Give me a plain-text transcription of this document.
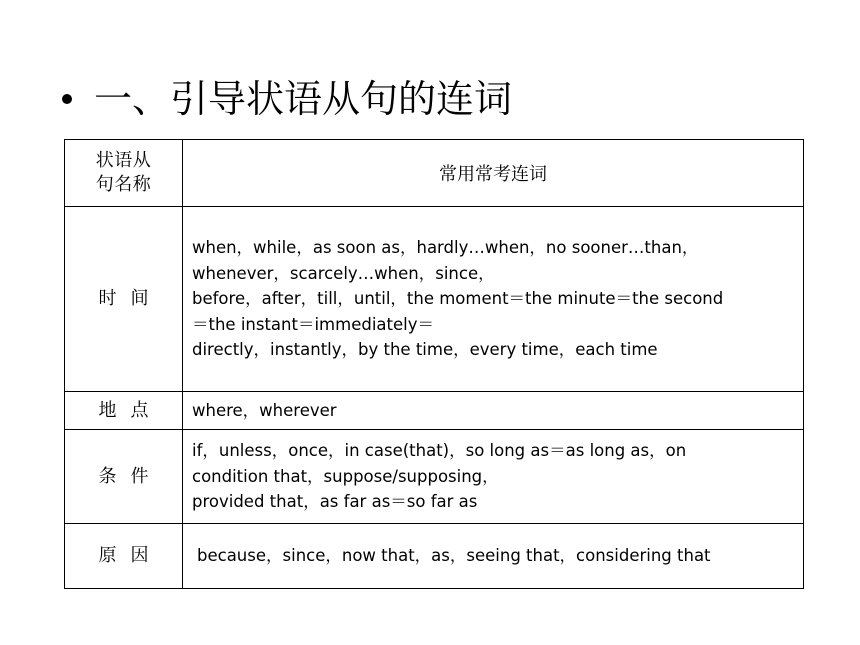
一、引导状语从句的连词
状语从
句名称	常用常考连词
时间	when，while，as soon as，hardly…when，no sooner…than，
whenever，scarcely…when，since，
before，after，till，until，the moment＝the minute＝the second
＝the instant＝immediately＝
directly，instantly，by the time，every time，each time

地点	where，wherever

条件	if，unless，once，in case(that)，so long as＝as long as，on
condition that，suppose/supposing，
provided that，as far as＝so far as

原因	because，since，now that，as，seeing that，considering that
